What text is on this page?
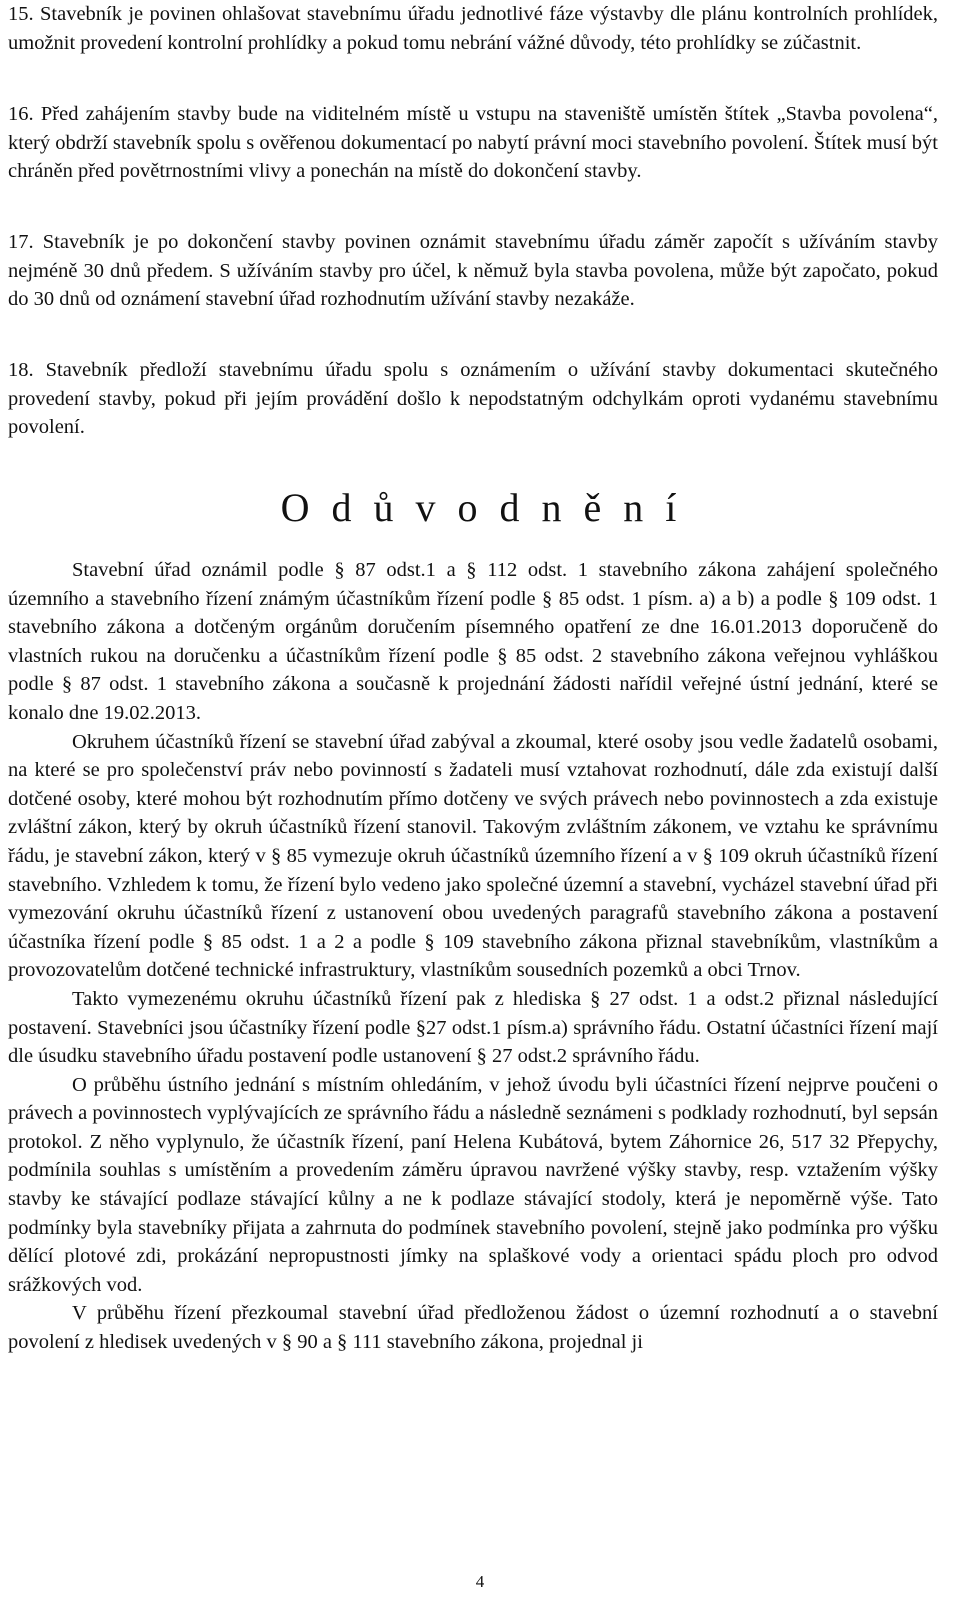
15. Stavebník je povinen ohlašovat stavebnímu úřadu jednotlivé fáze výstavby dle plánu kontrolních prohlídek, umožnit provedení kontrolní prohlídky a pokud tomu nebrání vážné důvody, této prohlídky se zúčastnit.

16. Před zahájením stavby bude na viditelném místě u vstupu na staveniště umístěn štítek „Stavba povolena“, který obdrží stavebník spolu s ověřenou dokumentací po nabytí právní moci stavebního povolení. Štítek musí být chráněn před povětrnostními vlivy a ponechán na místě do dokončení stavby.

17. Stavebník je po dokončení stavby povinen oznámit stavebnímu úřadu záměr započít s užíváním stavby nejméně 30 dnů předem. S užíváním stavby pro účel, k němuž byla stavba povolena, může být započato, pokud do 30 dnů od oznámení stavební úřad rozhodnutím užívání stavby nezakáže.

18. Stavebník předloží stavebnímu úřadu spolu s oznámením o užívání stavby dokumentaci skutečného provedení stavby, pokud při jejím provádění došlo k nepodstatným odchylkám oproti vydanému stavebnímu povolení.

O d ů v o d n ě n í

Stavební úřad oznámil podle § 87 odst.1 a § 112 odst. 1 stavebního zákona zahájení společného územního a stavebního řízení známým účastníkům řízení podle § 85 odst. 1 písm. a) a b) a podle § 109 odst. 1 stavebního zákona a dotčeným orgánům doručením písemného opatření ze dne 16.01.2013 doporučeně do vlastních rukou na doručenku a účastníkům řízení podle § 85 odst. 2 stavebního zákona veřejnou vyhláškou podle § 87 odst. 1 stavebního zákona a současně k projednání žádosti nařídil veřejné ústní jednání, které se konalo dne 19.02.2013.

Okruhem účastníků řízení se stavební úřad zabýval a zkoumal, které osoby jsou vedle žadatelů osobami, na které se pro společenství práv nebo povinností s žadateli musí vztahovat rozhodnutí, dále zda existují další dotčené osoby, které mohou být rozhodnutím přímo dotčeny ve svých právech nebo povinnostech a zda existuje zvláštní zákon, který by okruh účastníků řízení stanovil. Takovým zvláštním zákonem, ve vztahu ke správnímu řádu, je stavební zákon, který v § 85 vymezuje okruh účastníků územního řízení a v § 109 okruh účastníků řízení stavebního. Vzhledem k tomu, že řízení bylo vedeno jako společné územní a stavební, vycházel stavební úřad při vymezování okruhu účastníků řízení z ustanovení obou uvedených paragrafů stavebního zákona a postavení účastníka řízení podle § 85 odst. 1 a 2 a podle § 109 stavebního zákona přiznal stavebníkům, vlastníkům a provozovatelům dotčené technické infrastruktury, vlastníkům sousedních pozemků a obci Trnov.

Takto vymezenému okruhu účastníků řízení pak z hlediska § 27 odst. 1 a odst.2 přiznal následující postavení. Stavebníci jsou účastníky řízení podle §27 odst.1 písm.a) správního řádu. Ostatní účastníci řízení mají dle úsudku stavebního úřadu postavení podle ustanovení § 27 odst.2 správního řádu.

O průběhu ústního jednání s místním ohledáním, v jehož úvodu byli účastníci řízení nejprve poučeni o právech a povinnostech vyplývajících ze správního řádu a následně seznámeni s podklady rozhodnutí, byl sepsán protokol. Z něho vyplynulo, že účastník řízení, paní Helena Kubátová, bytem Záhornice 26, 517 32 Přepychy, podmínila souhlas s umístěním a provedením záměru úpravou navržené výšky stavby, resp. vztažením výšky stavby ke stávající podlaze stávající kůlny a ne k podlaze stávající stodoly, která je nepoměrně výše. Tato podmínky byla stavebníky přijata a zahrnuta do podmínek stavebního povolení, stejně jako podmínka pro výšku dělící plotové zdi, prokázání nepropustnosti jímky na splaškové vody a orientaci spádu ploch pro odvod srážkových vod.

V průběhu řízení přezkoumal stavební úřad předloženou žádost o územní rozhodnutí a o stavební povolení z hledisek uvedených v § 90 a § 111 stavebního zákona, projednal ji

4
